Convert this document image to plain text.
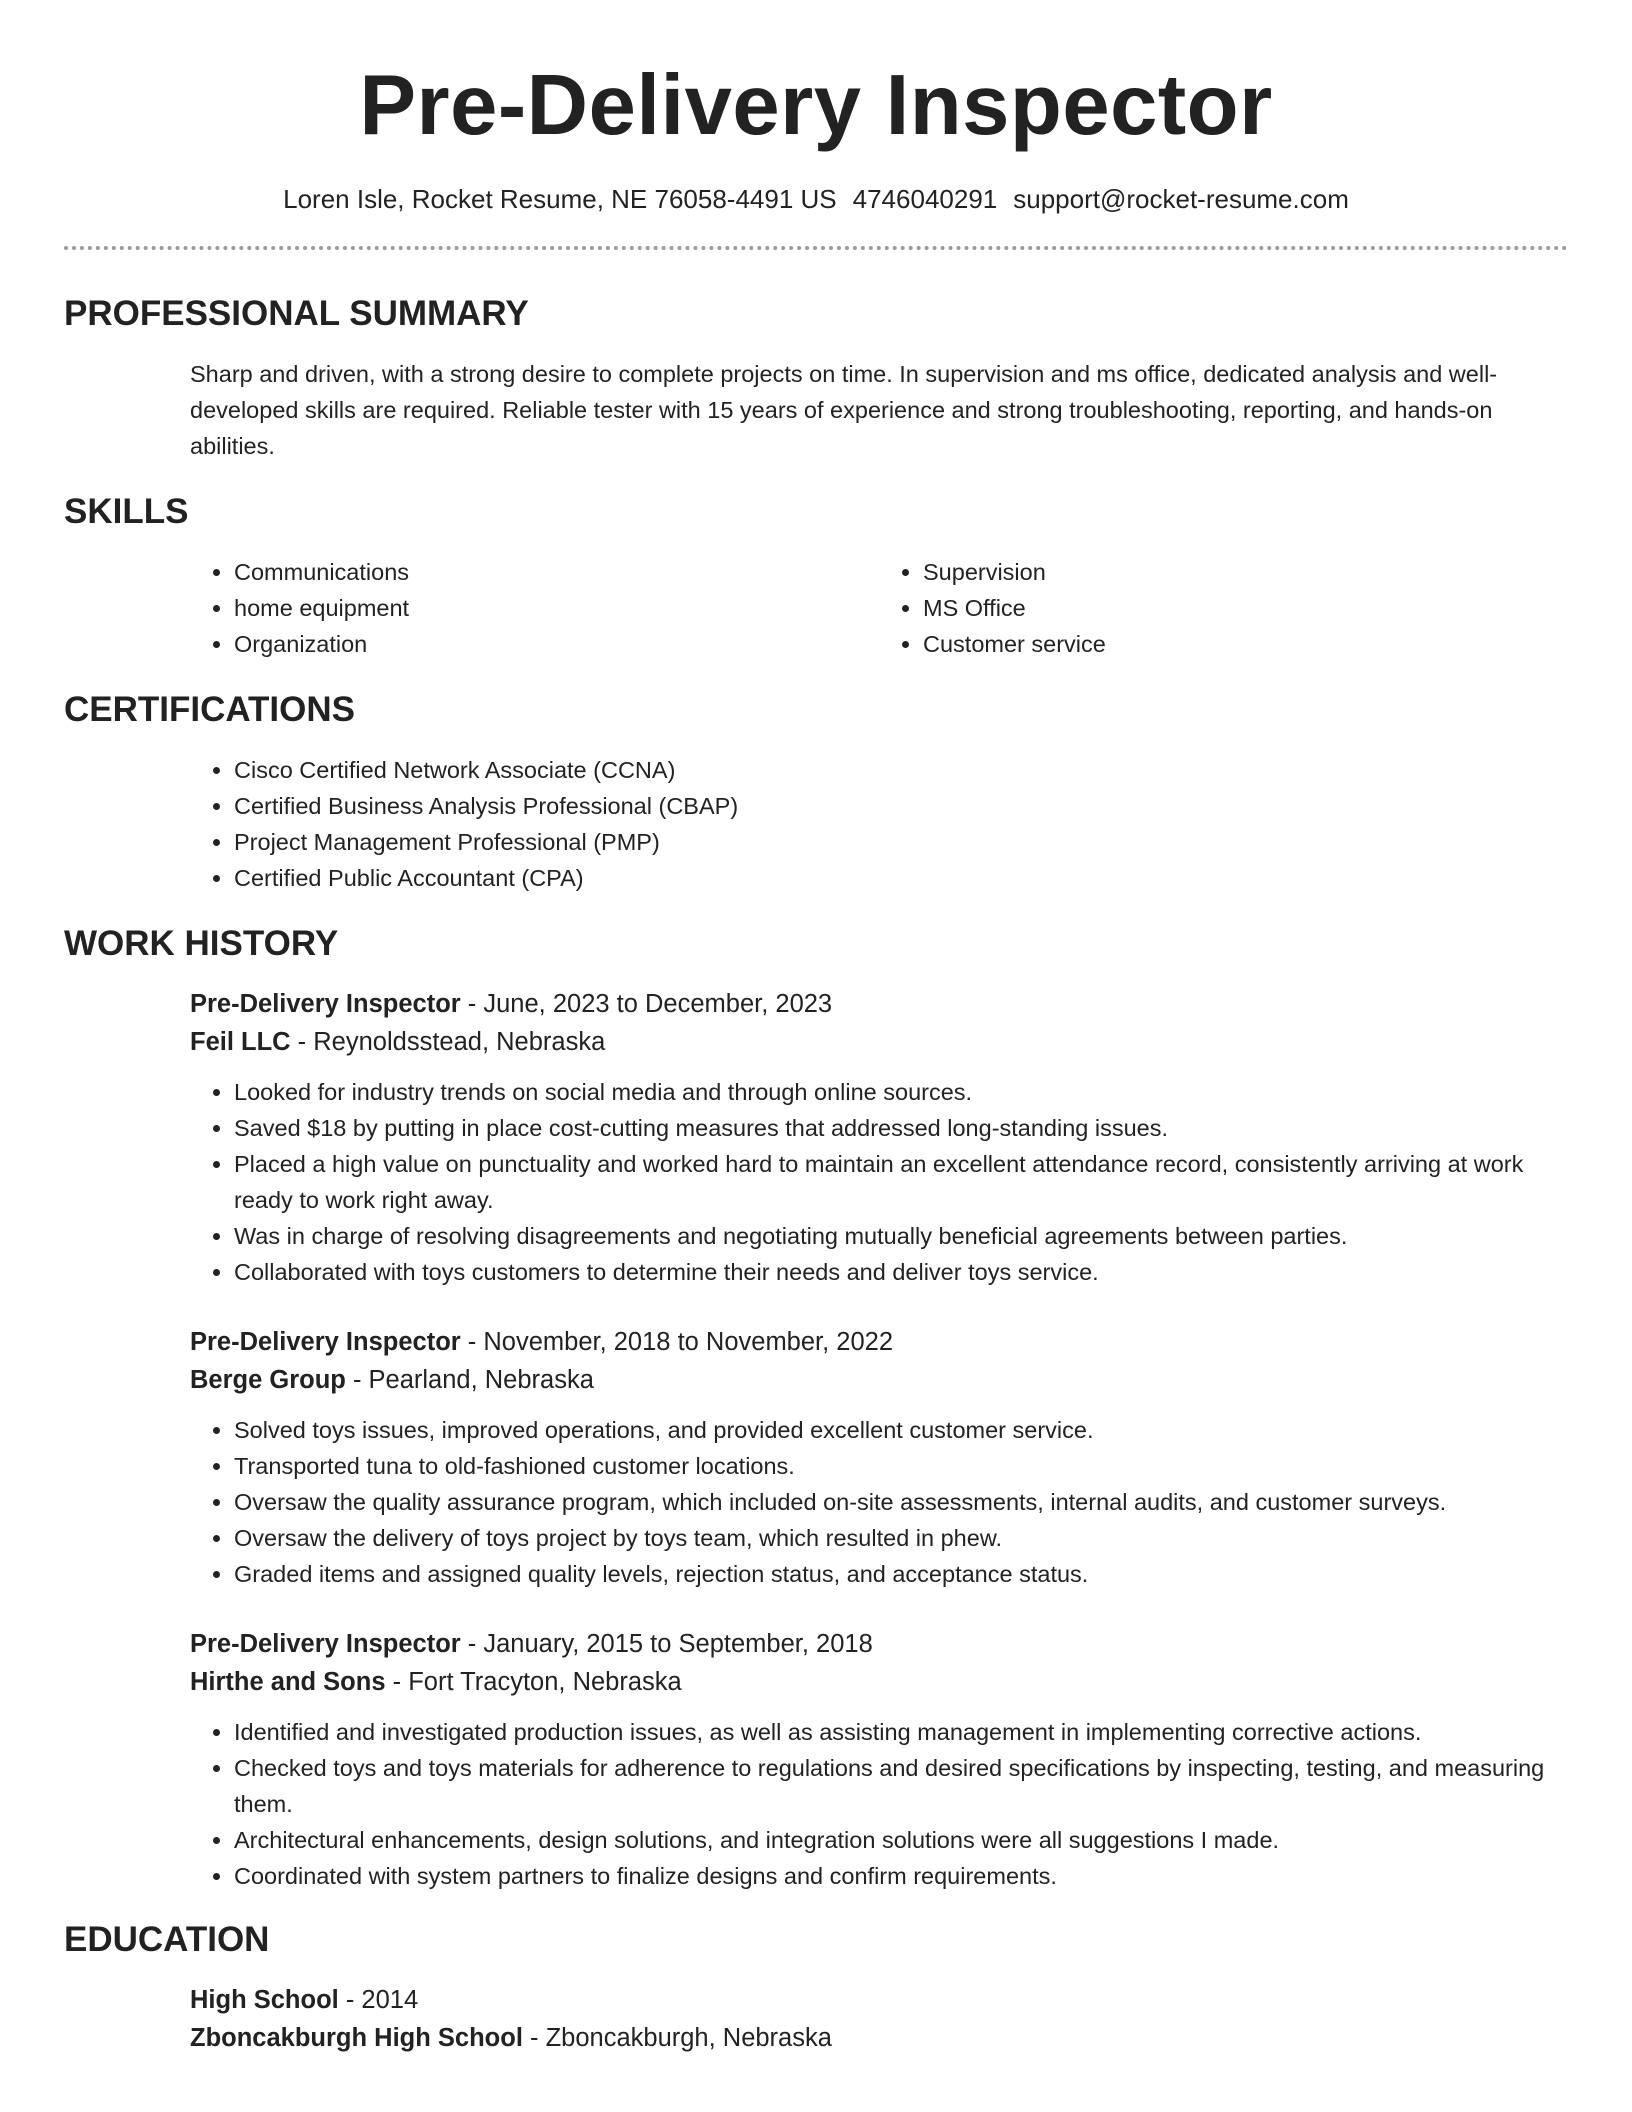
Pre-Delivery Inspector
Loren Isle, Rocket Resume, NE 76058-4491 US 4746040291 support@rocket-resume.com
PROFESSIONAL SUMMARY

Sharp and driven, with a strong desire to complete projects on time. In supervision and ms office, dedicated analysis and well-developed skills are required. Reliable tester with 15 years of experience and strong troubleshooting, reporting, and hands-on abilities.

SKILLS
• Communications
• home equipment
• Organization
• Supervision
• MS Office
• Customer service
CERTIFICATIONS
• Cisco Certified Network Associate (CCNA)
• Certified Business Analysis Professional (CBAP)
• Project Management Professional (PMP)
• Certified Public Accountant (CPA)
WORK HISTORY

Pre-Delivery Inspector - June, 2023 to December, 2023

Feil LLC - Reynoldsstead, Nebraska

• Looked for industry trends on social media and through online sources.
• Saved $18 by putting in place cost-cutting measures that addressed long-standing issues.
• Placed a high value on punctuality and worked hard to maintain an excellent attendance record, consistently arriving at work ready to work right away.
• Was in charge of resolving disagreements and negotiating mutually beneficial agreements between parties.
• Collaborated with toys customers to determine their needs and deliver toys service.

Pre-Delivery Inspector - November, 2018 to November, 2022

Berge Group - Pearland, Nebraska

• Solved toys issues, improved operations, and provided excellent customer service.
• Transported tuna to old-fashioned customer locations.
• Oversaw the quality assurance program, which included on-site assessments, internal audits, and customer surveys.
• Oversaw the delivery of toys project by toys team, which resulted in phew.
• Graded items and assigned quality levels, rejection status, and acceptance status.

Pre-Delivery Inspector - January, 2015 to September, 2018

Hirthe and Sons - Fort Tracyton, Nebraska

• Identified and investigated production issues, as well as assisting management in implementing corrective actions.
• Checked toys and toys materials for adherence to regulations and desired specifications by inspecting, testing, and measuring them.
• Architectural enhancements, design solutions, and integration solutions were all suggestions I made.
• Coordinated with system partners to finalize designs and confirm requirements.
EDUCATION

High School - 2014

Zboncakburgh High School - Zboncakburgh, Nebraska
